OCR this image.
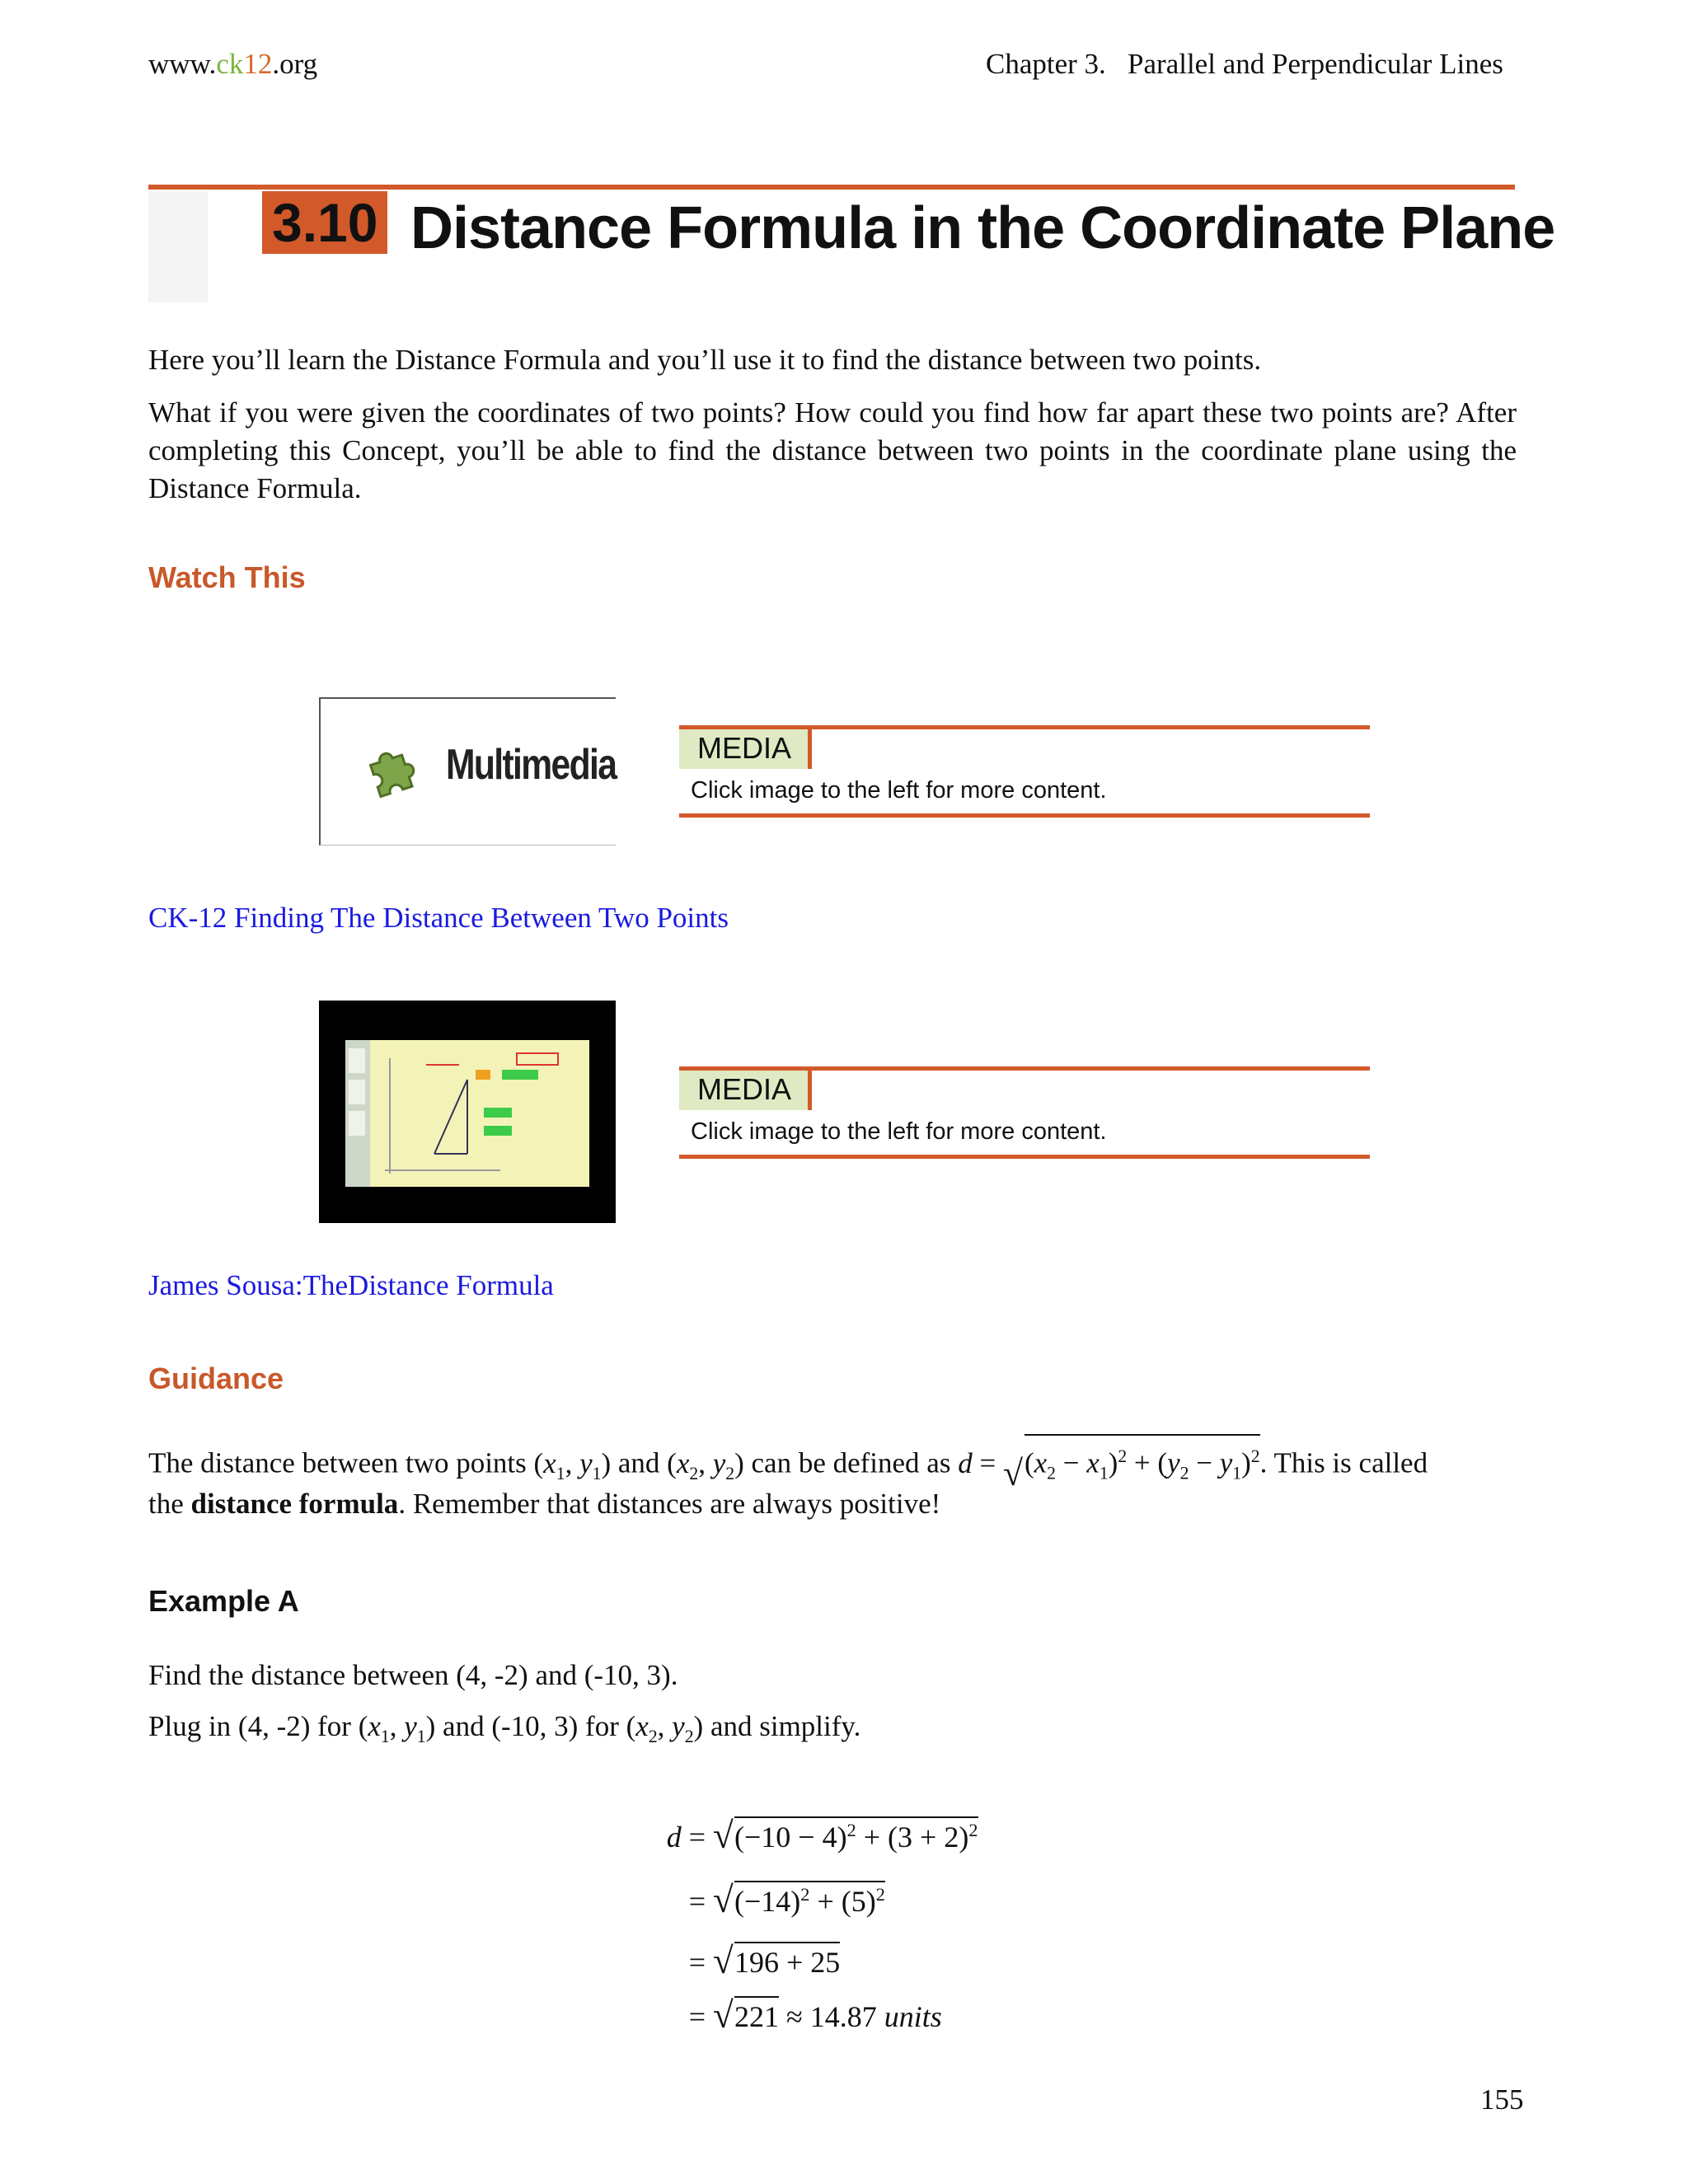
www.ck12.org	Chapter 3.   Parallel and Perpendicular Lines
3.10 Distance Formula in the Coordinate Plane
Here you’ll learn the Distance Formula and you’ll use it to find the distance between two points.
What if you were given the coordinates of two points? How could you find how far apart these two points are? After completing this Concept, you’ll be able to find the distance between two points in the coordinate plane using the Distance Formula.
Watch This
Multimedia	MEDIA
Click image to the left for more content.
CK-12 Finding The Distance Between Two Points
MEDIA
Click image to the left for more content.
James Sousa:TheDistance Formula
Guidance
The distance between two points ($x_1$, $y_1$) and ($x_2$, $y_2$) can be defined as d = √ $(x_2 - x_1)^2 + (y_2 - y_1)^2$. This is called
the distance formula. Remember that distances are always positive!
Example A
Find the distance between (4, -2) and (-10, 3).
Plug in (4, -2) for ($x_1$, $y_1$) and (-10, 3) for ($x_2$, $y_2$) and simplify.
d = √ $(-10 - 4)^2 + (3 + 2)^2$
= √ $(-14)^2 + (5)^2$
= √ 196 + 25
= √ 221 ≈ 14.87 units
155
